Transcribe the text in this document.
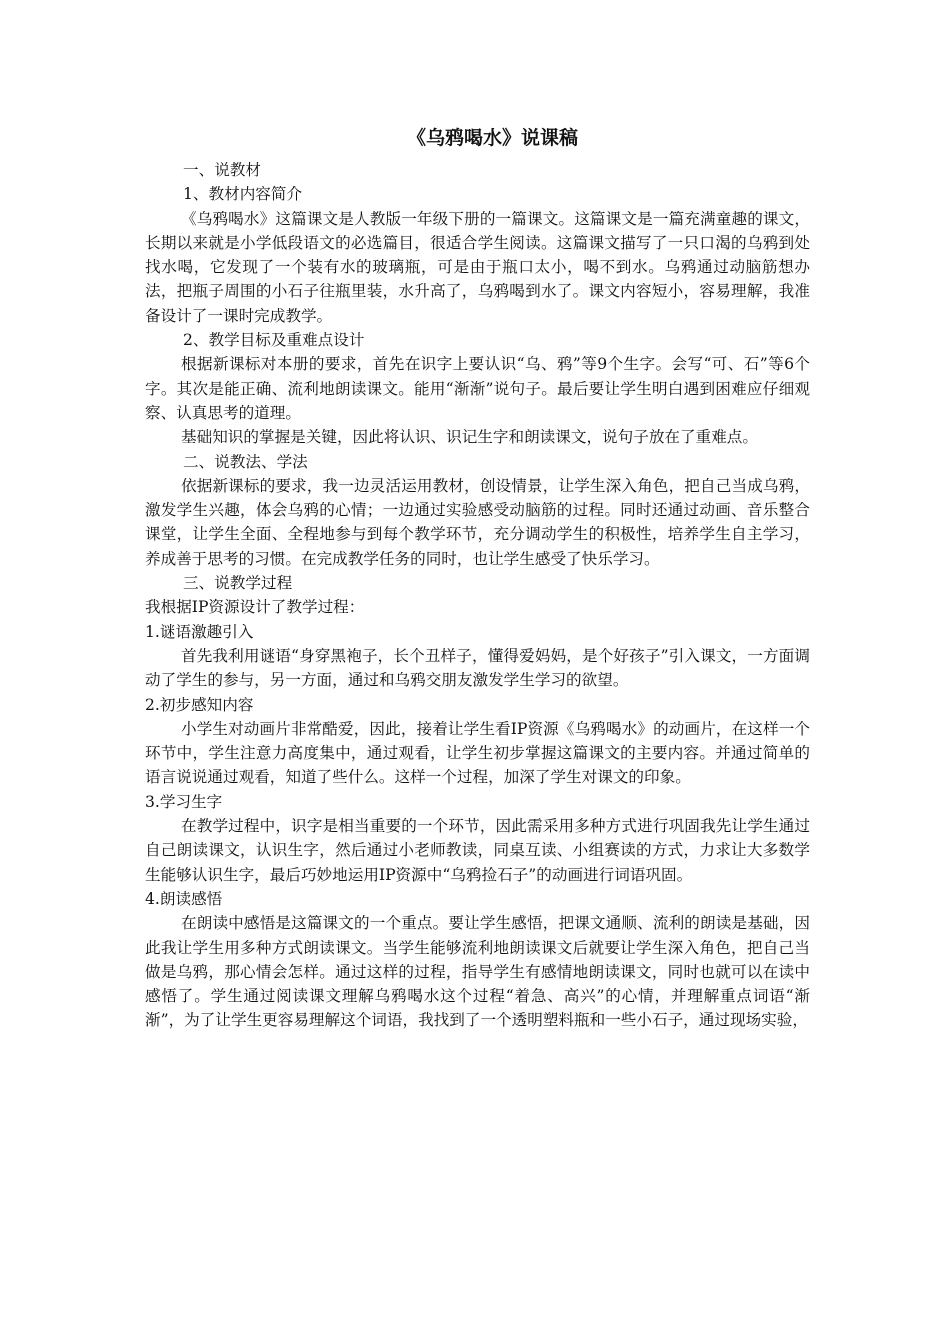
《乌鸦喝水》说课稿

一、说教材

1、教材内容简介

《乌鸦喝水》这篇课文是人教版一年级下册的一篇课文。这篇课文是一篇充满童趣的课文，长期以来就是小学低段语文的必选篇目，很适合学生阅读。这篇课文描写了一只口渴的乌鸦到处找水喝，它发现了一个装有水的玻璃瓶，可是由于瓶口太小，喝不到水。乌鸦通过动脑筋想办法，把瓶子周围的小石子往瓶里装，水升高了，乌鸦喝到水了。课文内容短小，容易理解，我准备设计了一课时完成教学。

2、教学目标及重难点设计

根据新课标对本册的要求，首先在识字上要认识“乌、鸦”等9个生字。会写“可、石”等6个字。其次是能正确、流利地朗读课文。能用“渐渐”说句子。最后要让学生明白遇到困难应仔细观察、认真思考的道理。

基础知识的掌握是关键，因此将认识、识记生字和朗读课文，说句子放在了重难点。

二、说教法、学法

依据新课标的要求，我一边灵活运用教材，创设情景，让学生深入角色，把自己当成乌鸦，激发学生兴趣，体会乌鸦的心情；一边通过实验感受动脑筋的过程。同时还通过动画、音乐整合课堂，让学生全面、全程地参与到每个教学环节，充分调动学生的积极性，培养学生自主学习，养成善于思考的习惯。在完成教学任务的同时，也让学生感受了快乐学习。

三、说教学过程

我根据IP资源设计了教学过程：

1.谜语激趣引入

首先我利用谜语“身穿黑袍子，长个丑样子，懂得爱妈妈，是个好孩子”引入课文，一方面调动了学生的参与，另一方面，通过和乌鸦交朋友激发学生学习的欲望。

2.初步感知内容

小学生对动画片非常酷爱，因此，接着让学生看IP资源《乌鸦喝水》的动画片，在这样一个环节中，学生注意力高度集中，通过观看，让学生初步掌握这篇课文的主要内容。并通过简单的语言说说通过观看，知道了些什么。这样一个过程，加深了学生对课文的印象。

3.学习生字

在教学过程中，识字是相当重要的一个环节，因此需采用多种方式进行巩固我先让学生通过自己朗读课文，认识生字，然后通过小老师教读，同桌互读、小组赛读的方式，力求让大多数学生能够认识生字，最后巧妙地运用IP资源中“乌鸦捡石子”的动画进行词语巩固。

4.朗读感悟

在朗读中感悟是这篇课文的一个重点。要让学生感悟，把课文通顺、流利的朗读是基础，因此我让学生用多种方式朗读课文。当学生能够流利地朗读课文后就要让学生深入角色，把自己当做是乌鸦，那心情会怎样。通过这样的过程，指导学生有感情地朗读课文，同时也就可以在读中感悟了。学生通过阅读课文理解乌鸦喝水这个过程“着急、高兴”的心情，并理解重点词语“渐渐”，为了让学生更容易理解这个词语，我找到了一个透明塑料瓶和一些小石子，通过现场实验，
